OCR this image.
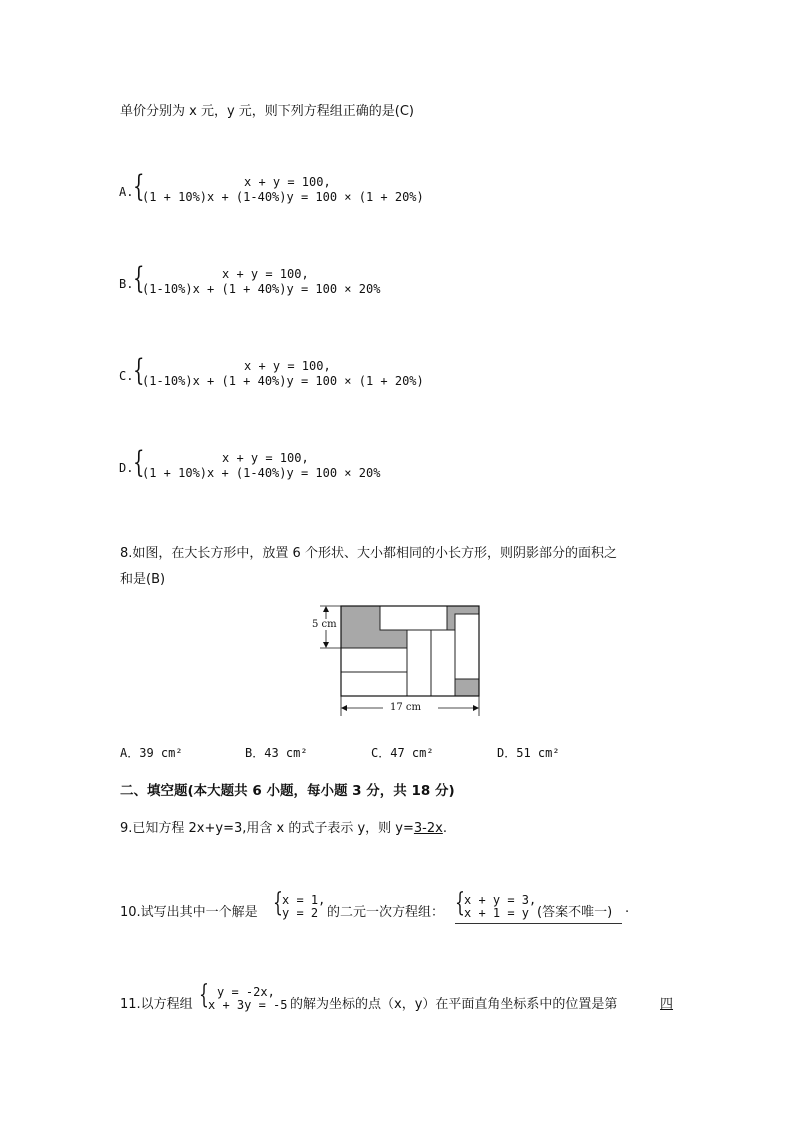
单价分别为 x 元，y 元，则下列方程组正确的是(C)
A. {	x + y = 100,
(1 + 10%)x + (1-40%)y = 100 × (1 + 20%)
B. {	x + y = 100,
(1-10%)x + (1 + 40%)y = 100 × 20%
C. {	x + y = 100,
(1-10%)x + (1 + 40%)y = 100 × (1 + 20%)
D. {	x + y = 100,
(1 + 10%)x + (1-40%)y = 100 × 20%
8.如图，在大长方形中，放置 6 个形状、大小都相同的小长方形，则阴影部分的面积之
和是(B)
5 cm
17 cm
A．39 cm²	B．43 cm²	C．47 cm²	D．51 cm²
二、填空题(本大题共 6 小题，每小题 3 分，共 18 分)
9.已知方程 2x+y=3,用含 x 的式子表示 y，则 y=3-2x.
10.试写出其中一个解是 { x = 1,
y = 2 的二元一次方程组： { x + y = 3,
x + 1 = y (答案不唯一) .
11.以方程组 { y = -2x,
x + 3y = -5 的解为坐标的点（x，y）在平面直角坐标系中的位置是第	四
